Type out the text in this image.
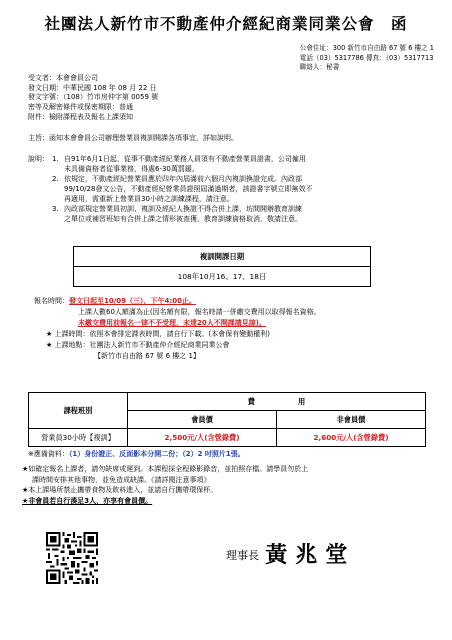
社團法人新竹市不動產仲介經紀商業同業公會　函
公會住址：300 新竹市自由路 67 號 6 樓之 1
電話（03）5317786 傳真：（03）5317713
聯絡人：秘書
受文者：本會會員公司
發文日期：中華民國 108 年 08 月 22 日
發文字號：（108）竹市房仲字第 0059 號
密等及解密條件或保密期限：普通
附件：檢附課程表及報名上課須知
主旨：函知本會會員公司辦理營業員複訓開課各項事宜，詳如說明。
說明： 1. 自91年6月1日起，從事不動產經紀業務人員須有不動產營業員證書，公司僱用
未具備資格者從事業務，得處6-30萬罰鍰。
2. 依規定，不動產經紀營業員應於四年內屆滿前六個月內複訓換證完成。內政部
99/10/28發文公告，不動產經紀營業員證照屆滿過期者，該證書字號立即無效不
再適用，需重新上營業員30小時之訓練課程，請注意。
3. 內政部規定營業員初訓、複訓及經紀人換證不得合併上課，坊間開辦教育訓練
之單位或補習班如有合併上課之情形被查獲，教育訓練資格取消，敬請注意。
複訓開課日期
108年10月16、17、18日
報名時間：發文日起至10/09（三），下午4:00止。
上課人數60人額滿為止(因名額有限，報名時請一併繳交費用以取得報名資格。
未繳交費用前報名一律不予受理，未達20人不開課請見諒)。
★ 上課時間：依照本會排定課表時間，請自行下載。(本會保有變動權利)
★ 上課地點：社團法人新竹市不動產仲介經紀商業同業公會
【新竹市自由路 67 號 6 樓之 1】
課程班別	費　　　　　　用	
	會員價	非會員價
營業員30小時【複訓】	2,500元/人(含營錄費)	2,600元/人(含營錄費)
※應備資料：（1）身份證正、反面影本分開二份；（2）2 吋照片1張。
★如確定報名上課者，請勿缺席或遲到。本課程採全程錄影錄音，並拍照存檔。請學員勿於上
課時間安排其他事物，並免造成缺課。《請詳閱注意事項》
★本上課場所禁止攜帶食物及飲料進入，並請自行攜帶環保杯。
★非會員若自行湊足3人，亦享有會員價。
理事長 黃兆堂
